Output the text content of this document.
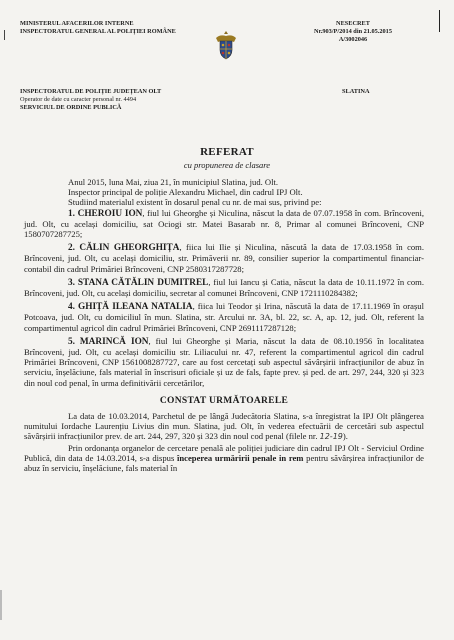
MINISTERUL AFACERILOR INTERNE
INSPECTORATUL GENERAL AL POLIȚIEI ROMÂNE
NESECRET
Nr.903/P/2014 din 21.05.2015
A/3002046
INSPECTORATUL DE POLIȚIE JUDEȚEAN OLT
Operator de date cu caracter personal nr. 4494
SERVICIUL DE ORDINE PUBLICĂ
SLATINA
REFERAT
cu propunerea de clasare

Anul 2015, luna Mai, ziua 21, în municipiul Slatina, jud. Olt.

Inspector principal de poliție Alexandru Michael, din cadrul IPJ Olt.

Studiind materialul existent în dosarul penal cu nr. de mai sus, privind pe:

1. CHEROIU ION, fiul lui Gheorghe și Niculina, născut la data de 07.07.1958 în com. Brîncoveni, jud. Olt, cu același domiciliu, sat Ociogi str. Matei Basarab nr. 8, Primar al comunei Brîncoveni, CNP 1580707287725;

2. CĂLIN GHEORGHIȚA, fiica lui Ilie și Niculina, născută la data de 17.03.1958 în com. Brîncoveni, jud. Olt, cu același domiciliu, str. Primăverii nr. 89, consilier superior la compartimentul financiar-contabil din cadrul Primăriei Brîncoveni, CNP 2580317287728;

3. STANA CĂTĂLIN DUMITREL, fiul lui Iancu și Catia, născut la data de 10.11.1972 în com. Brîncoveni, jud. Olt, cu același domiciliu, secretar al comunei Brîncoveni, CNP 1721110284382;

4. GHIȚĂ ILEANA NATALIA, fiica lui Teodor și Irina, născută la data de 17.11.1969 în orașul Potcoava, jud. Olt, cu domiciliul în mun. Slatina, str. Arcului nr. 3A, bl. 22, sc. A, ap. 12, jud. Olt, referent la compartimentul agricol din cadrul Primăriei Brîncoveni, CNP 2691117287128;

5. MARINCĂ ION, fiul lui Gheorghe și Maria, născut la data de 08.10.1956 în localitatea Brîncoveni, jud. Olt, cu același domiciliu str. Liliacului nr. 47, referent la compartimentul agricol din cadrul Primăriei Brîncoveni, CNP 1561008287727, care au fost cercetați sub aspectul săvârșirii infracțiunilor de abuz în serviciu, înșelăciune, fals material în înscrisuri oficiale și uz de fals, fapte prev. și ped. de art. 297, 244, 320 și 323 din noul cod penal, în urma definitivării cercetărilor,

CONSTAT URMĂTOARELE

La data de 10.03.2014, Parchetul de pe lângă Judecătoria Slatina, s-a înregistrat la IPJ Olt plângerea numitului Iordache Laurențiu Livius din mun. Slatina, jud. Olt, în vederea efectuării de cercetări sub aspectul săvârșirii infracțiunilor prev. de art. 244, 297, 320 și 323 din noul cod penal (filele nr. 12-19).

Prin ordonanța organelor de cercetare penală ale poliției judiciare din cadrul IPJ Olt - Serviciul Ordine Publică, din data de 14.03.2014, s-a dispus începerea urmăririi penale in rem pentru săvârșirea infracțiunilor de abuz în serviciu, înșelăciune, fals material în
